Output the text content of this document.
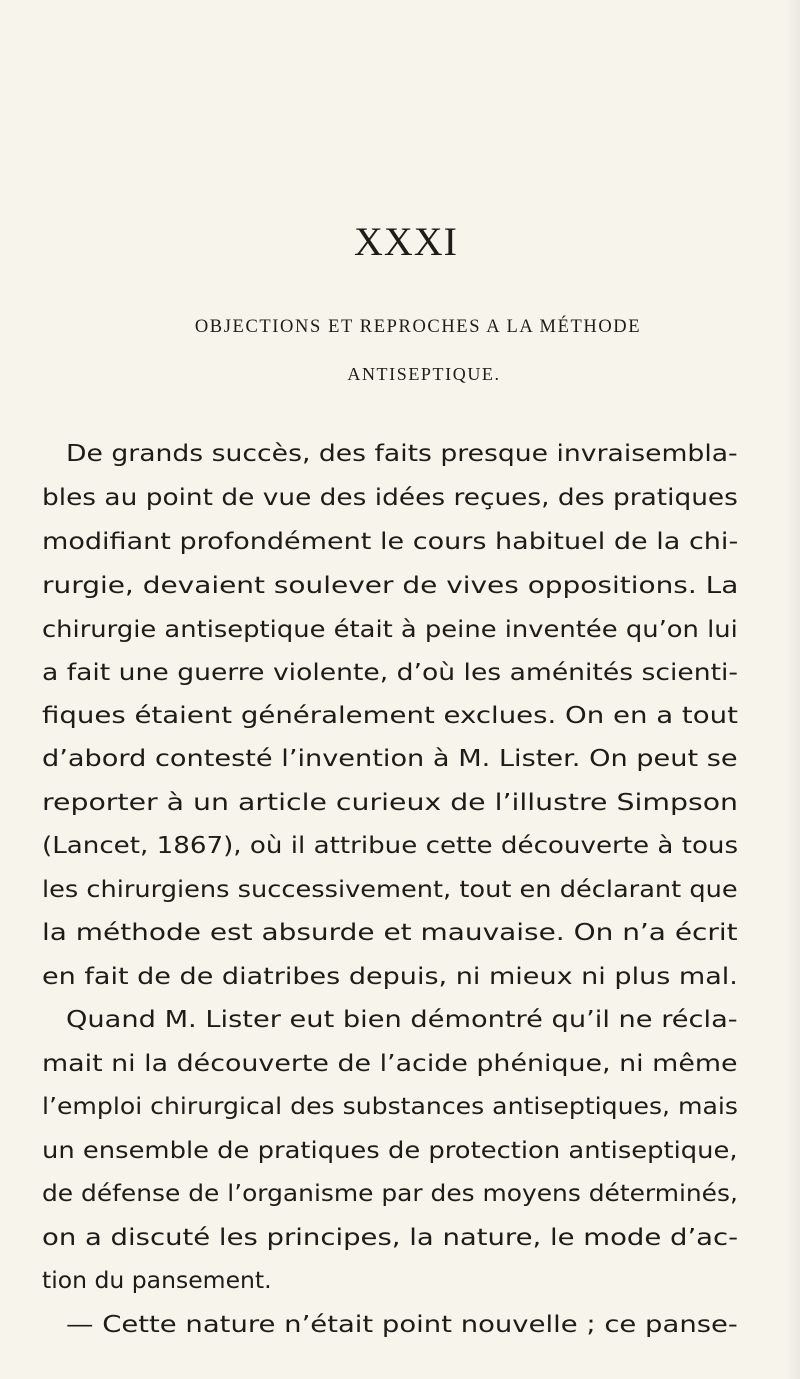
XXXI
OBJECTIONS ET REPROCHES A LA MÉTHODE
ANTISEPTIQUE.
De grands succès, des faits presque invraisembla-
bles au point de vue des idées reçues, des pratiques
modifiant profondément le cours habituel de la chi-
rurgie, devaient soulever de vives oppositions. La
chirurgie antiseptique était à peine inventée qu’on lui
a fait une guerre violente, d’où les aménités scienti-
fiques étaient généralement exclues. On en a tout
d’abord contesté l’invention à M. Lister. On peut se
reporter à un article curieux de l’illustre Simpson
(Lancet, 1867), où il attribue cette découverte à tous
les chirurgiens successivement, tout en déclarant que
la méthode est absurde et mauvaise. On n’a écrit
en fait de de diatribes depuis, ni mieux ni plus mal.
Quand M. Lister eut bien démontré qu’il ne récla-
mait ni la découverte de l’acide phénique, ni même
l’emploi chirurgical des substances antiseptiques, mais
un ensemble de pratiques de protection antiseptique,
de défense de l’organisme par des moyens déterminés,
on a discuté les principes, la nature, le mode d’ac-
tion du pansement.
— Cette nature n’était point nouvelle ; ce panse-
